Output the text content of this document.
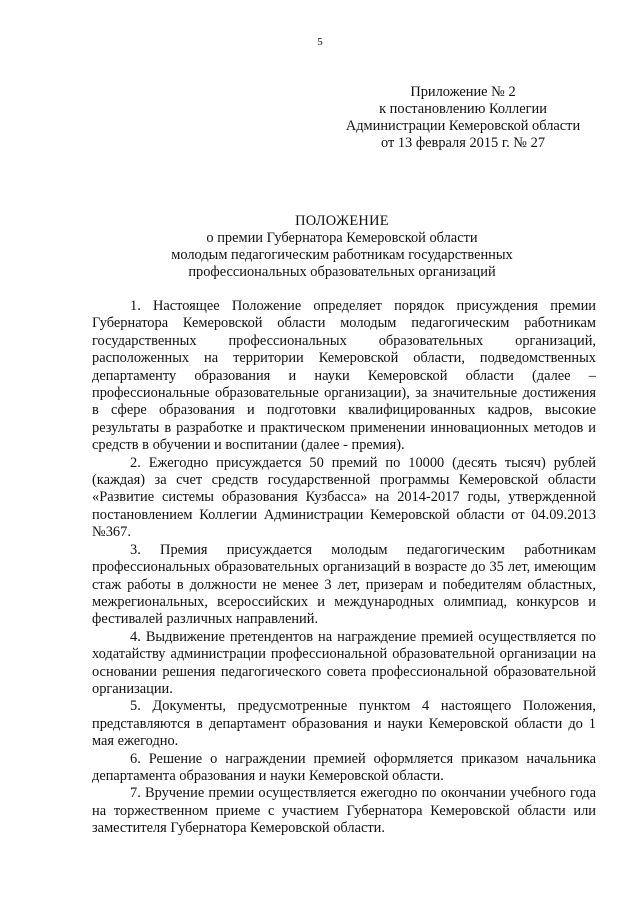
5
Приложение № 2
к постановлению Коллегии
Администрации Кемеровской области
от 13 февраля 2015 г. № 27
ПОЛОЖЕНИЕ
о премии Губернатора Кемеровской области
молодым педагогическим работникам государственных
профессиональных образовательных организаций

1. Настоящее Положение определяет порядок присуждения премии Губернатора Кемеровской области молодым педагогическим работникам государственных профессиональных образовательных организаций, расположенных на территории Кемеровской области, подведомственных департаменту образования и науки Кемеровской области (далее – профессиональные образовательные организации), за значительные достижения в сфере образования и подготовки квалифицированных кадров, высокие результаты в разработке и практическом применении инновационных методов и средств в обучении и воспитании (далее - премия).

2. Ежегодно присуждается 50 премий по 10000 (десять тысяч) рублей (каждая) за счет средств государственной программы Кемеровской области «Развитие системы образования Кузбасса» на 2014-2017 годы, утвержденной постановлением Коллегии Администрации Кемеровской области от 04.09.2013 №367.

3. Премия присуждается молодым педагогическим работникам профессиональных образовательных организаций в возрасте до 35 лет, имеющим стаж работы в должности не менее 3 лет, призерам и победителям областных, межрегиональных, всероссийских и международных олимпиад, конкурсов и фестивалей различных направлений.

4. Выдвижение претендентов на награждение премией осуществляется по ходатайству администрации профессиональной образовательной организации на основании решения педагогического совета профессиональной образовательной организации.

5. Документы, предусмотренные пунктом 4 настоящего Положения, представляются в департамент образования и науки Кемеровской области до 1 мая ежегодно.

6. Решение о награждении премией оформляется приказом начальника департамента образования и науки Кемеровской области.

7. Вручение премии осуществляется ежегодно по окончании учебного года на торжественном приеме с участием Губернатора Кемеровской области или заместителя Губернатора Кемеровской области.
